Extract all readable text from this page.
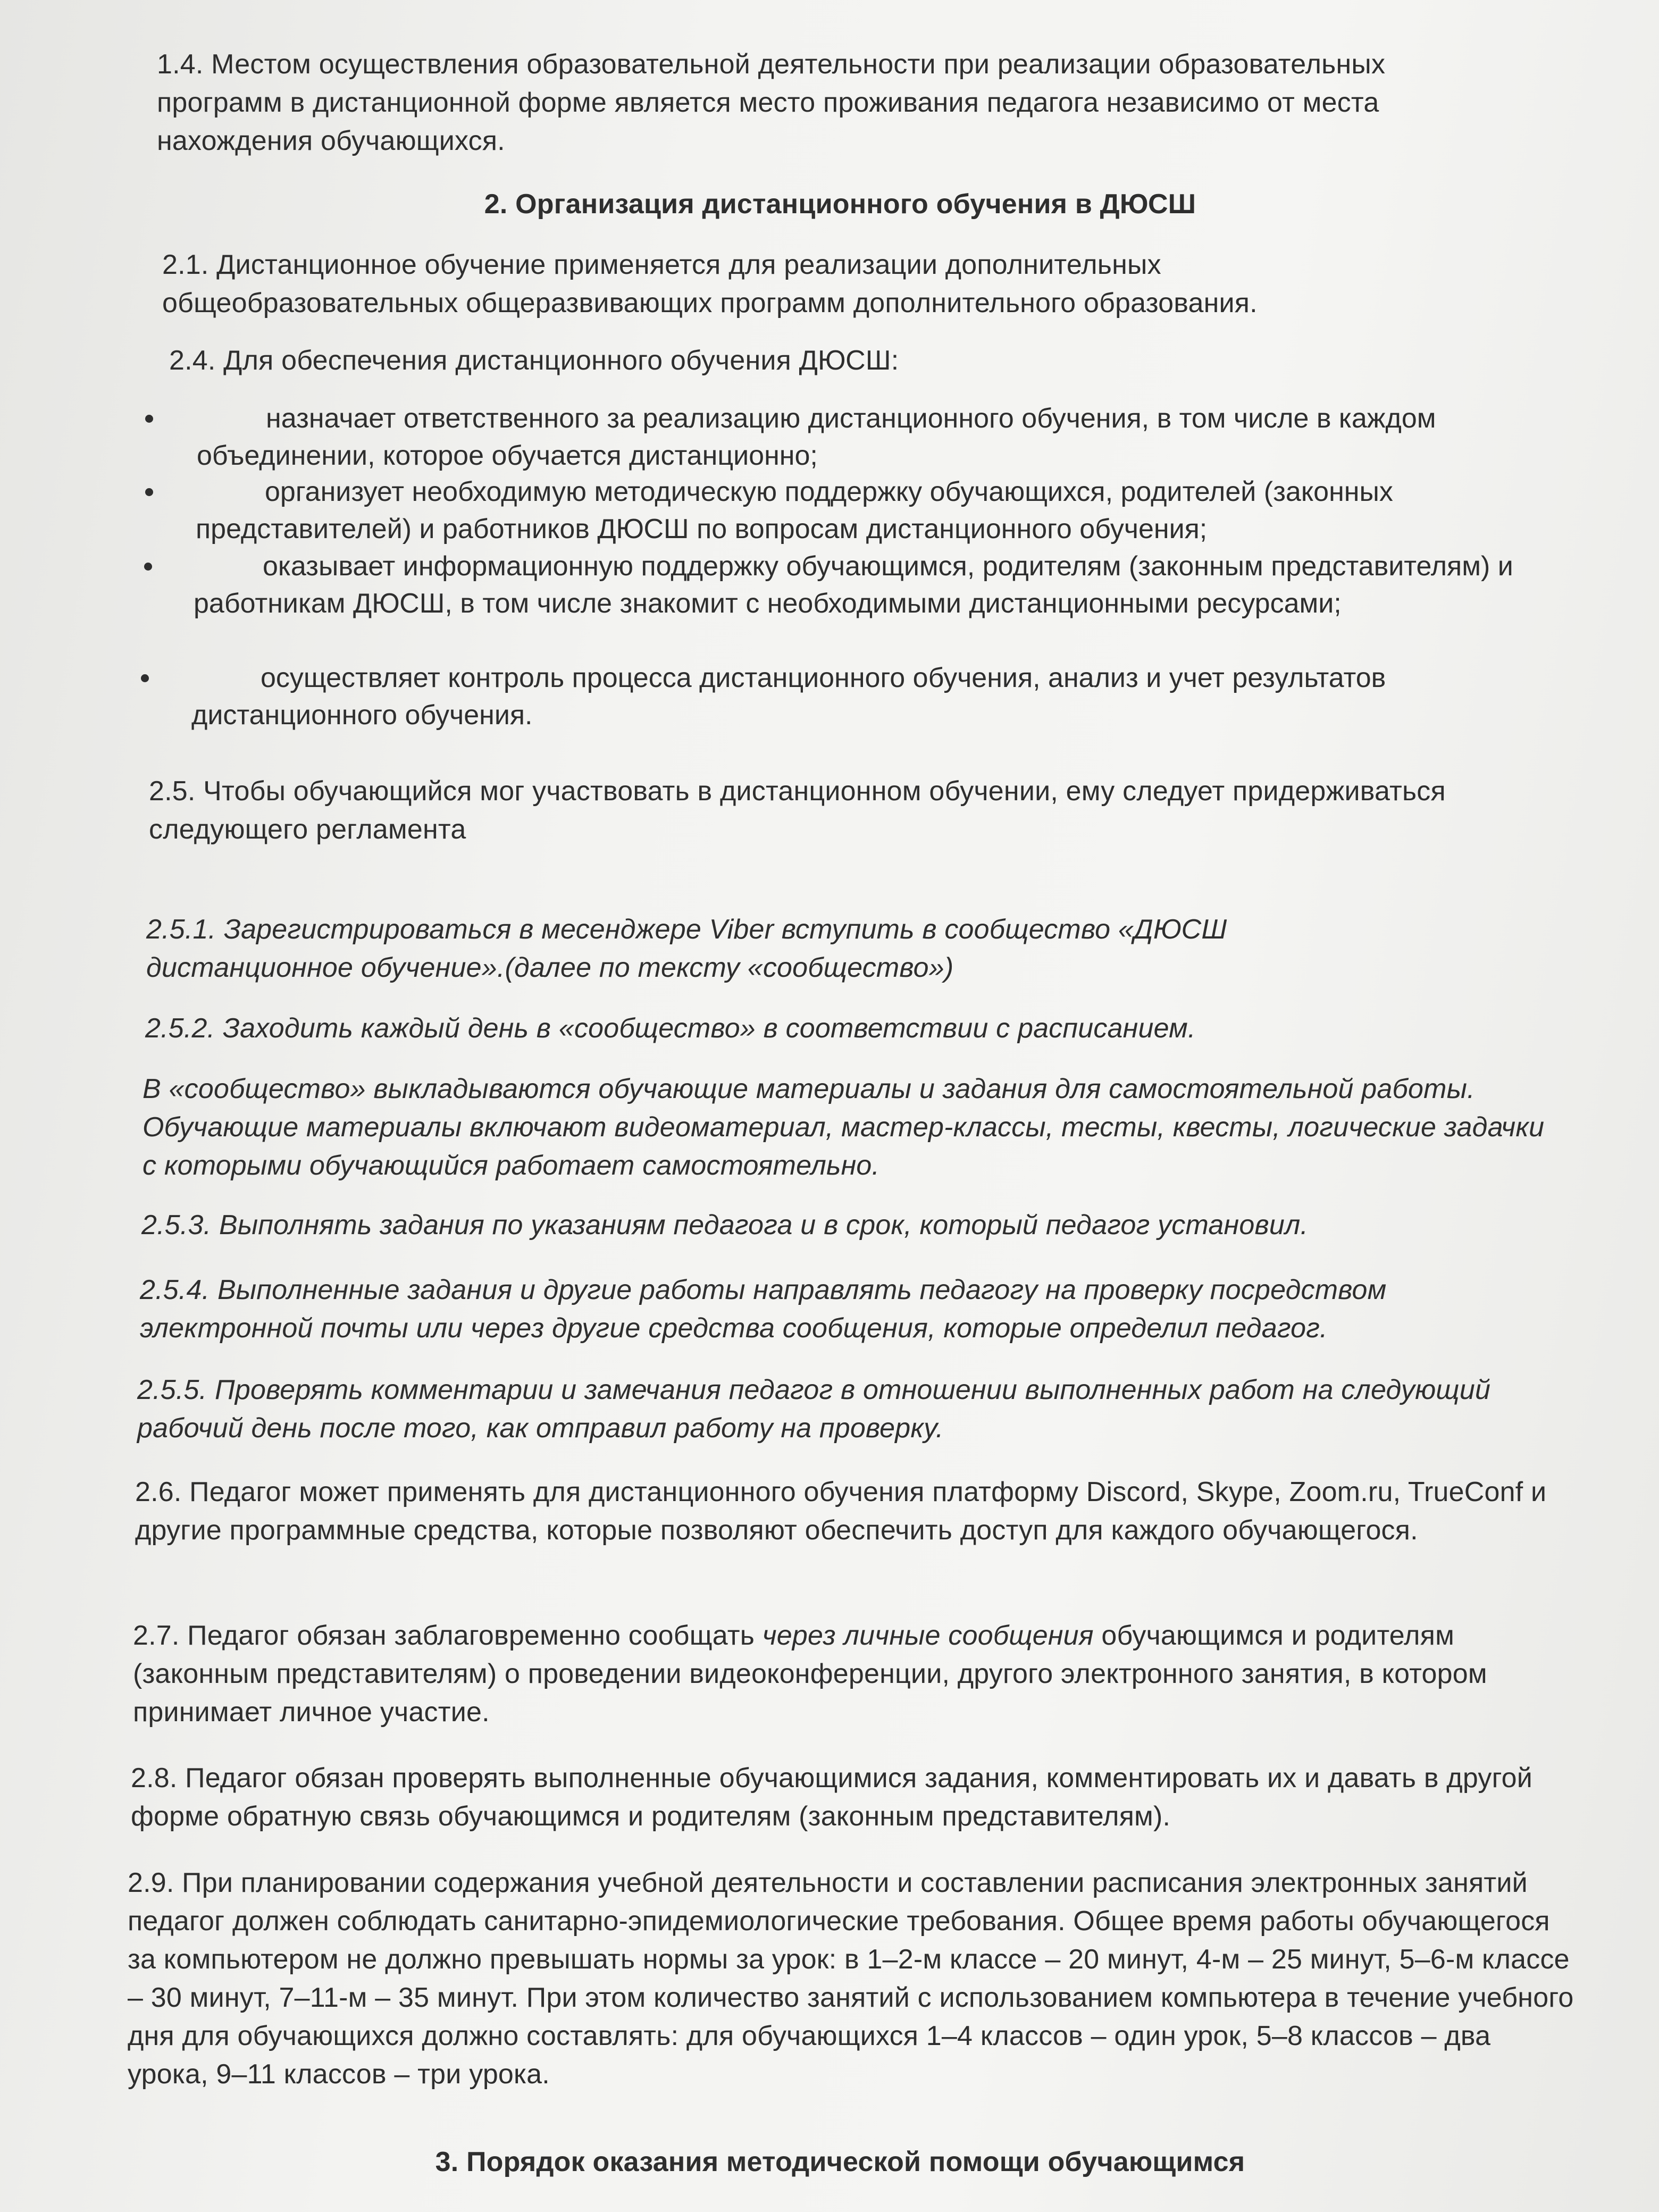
1.4. Местом осуществления образовательной деятельности при реализации образовательных программ в дистанционной форме является место проживания педагога независимо от места нахождения обучающихся.

2. Организация дистанционного обучения в ДЮСШ

2.1. Дистанционное обучение применяется для реализации дополнительных общеобразовательных общеразвивающих программ дополнительного образования.

2.4. Для обеспечения дистанционного обучения ДЮСШ:

назначает ответственного за реализацию дистанционного обучения, в том числе в каждом объединении, которое обучается дистанционно;

организует необходимую методическую поддержку обучающихся, родителей (законных представителей) и работников ДЮСШ по вопросам дистанционного обучения;

оказывает информационную поддержку обучающимся, родителям (законным представителям) и работникам ДЮСШ, в том числе знакомит с необходимыми дистанционными ресурсами;

осуществляет контроль процесса дистанционного обучения, анализ и учет результатов дистанционного обучения.

2.5. Чтобы обучающийся мог участвовать в дистанционном обучении, ему следует придерживаться следующего регламента

2.5.1. Зарегистрироваться в месенджере Viber вступить в сообщество «ДЮСШ дистанционное обучение».(далее по тексту «сообщество»)

2.5.2. Заходить каждый день в «сообщество» в соответствии с расписанием.

В «сообщество» выкладываются обучающие материалы и задания для самостоятельной работы. Обучающие материалы включают видеоматериал, мастер-классы, тесты, квесты, логические задачки с которыми обучающийся работает самостоятельно.

2.5.3. Выполнять задания по указаниям педагога и в срок, который педагог установил.

2.5.4. Выполненные задания и другие работы направлять педагогу на проверку посредством электронной почты или через другие средства сообщения, которые определил педагог.

2.5.5. Проверять комментарии и замечания педагог в отношении выполненных работ на следующий рабочий день после того, как отправил работу на проверку.

2.6. Педагог может применять для дистанционного обучения платформу Discord, Skype, Zoom.ru, TrueConf и другие программные средства, которые позволяют обеспечить доступ для каждого обучающегося.

2.7. Педагог обязан заблаговременно сообщать через личные сообщения обучающимся и родителям (законным представителям) о проведении видеоконференции, другого электронного занятия, в котором принимает личное участие.

2.8. Педагог обязан проверять выполненные обучающимися задания, комментировать их и давать в другой форме обратную связь обучающимся и родителям (законным представителям).

2.9. При планировании содержания учебной деятельности и составлении расписания электронных занятий педагог должен соблюдать санитарно-эпидемиологические требования. Общее время работы обучающегося за компьютером не должно превышать нормы за урок: в 1–2-м классе – 20 минут, 4-м – 25 минут, 5–6-м классе – 30 минут, 7–11-м – 35 минут. При этом количество занятий с использованием компьютера в течение учебного дня для обучающихся должно составлять: для обучающихся 1–4 классов – один урок, 5–8 классов – два урока, 9–11 классов – три урока.

3. Порядок оказания методической помощи обучающимся
